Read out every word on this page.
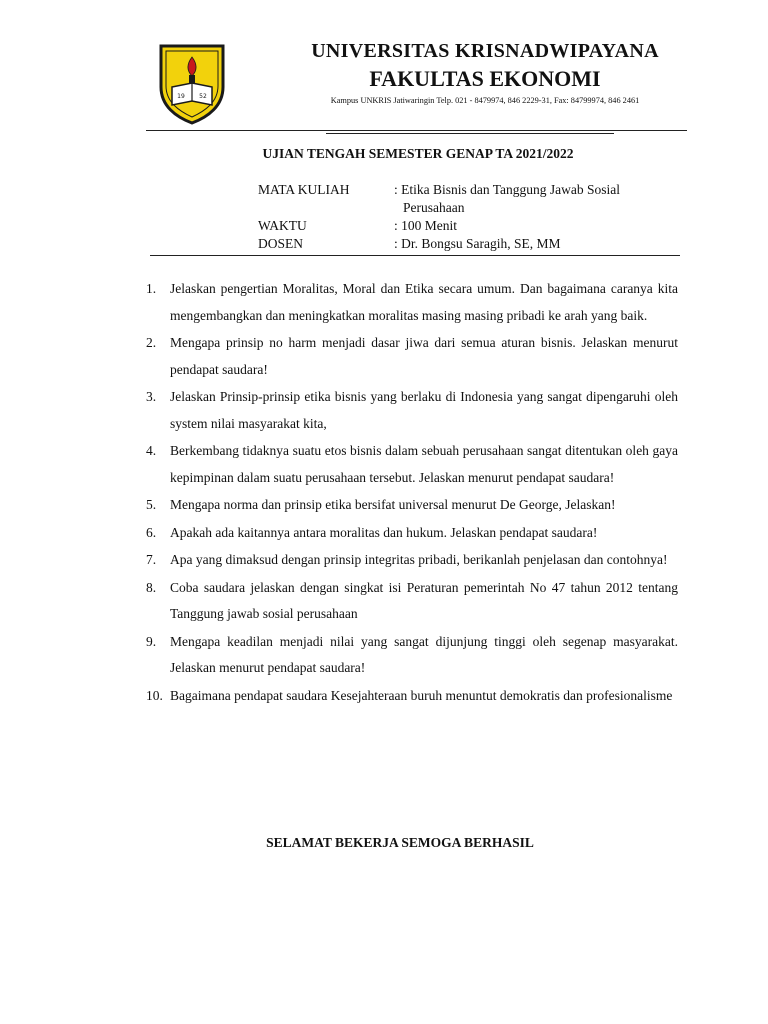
19 52
UNIVERSITAS KRISNADWIPAYANA
FAKULTAS EKONOMI
Kampus UNKRIS Jatiwaringin Telp. 021 - 8479974, 846 2229-31, Fax: 84799974, 846 2461
UJIAN TENGAH SEMESTER GENAP TA 2021/2022
MATA KULIAH	: Etika Bisnis dan Tanggung Jawab Sosial
Perusahaan
WAKTU	: 100 Menit
DOSEN	: Dr. Bongsu Saragih, SE, MM
1. Jelaskan pengertian Moralitas, Moral dan Etika secara umum. Dan bagaimana caranya kita mengembangkan dan meningkatkan moralitas masing masing pribadi ke arah yang baik.
2. Mengapa prinsip no harm menjadi dasar jiwa dari semua aturan bisnis. Jelaskan menurut pendapat saudara!
3. Jelaskan Prinsip-prinsip etika bisnis yang berlaku di Indonesia yang sangat dipengaruhi oleh system nilai masyarakat kita,
4. Berkembang tidaknya suatu etos bisnis dalam sebuah perusahaan sangat ditentukan oleh gaya kepimpinan dalam suatu perusahaan tersebut. Jelaskan menurut pendapat saudara!
5. Mengapa norma dan prinsip etika bersifat universal menurut De George, Jelaskan!
6. Apakah ada kaitannya antara moralitas dan hukum. Jelaskan pendapat saudara!
7. Apa yang dimaksud dengan prinsip integritas pribadi, berikanlah penjelasan dan contohnya!
8. Coba saudara jelaskan dengan singkat isi Peraturan pemerintah No 47 tahun 2012 tentang Tanggung jawab sosial perusahaan
9. Mengapa keadilan menjadi nilai yang sangat dijunjung tinggi oleh segenap masyarakat. Jelaskan menurut pendapat saudara!
10. Bagaimana pendapat saudara Kesejahteraan buruh menuntut demokratis dan profesionalisme
SELAMAT BEKERJA SEMOGA BERHASIL
